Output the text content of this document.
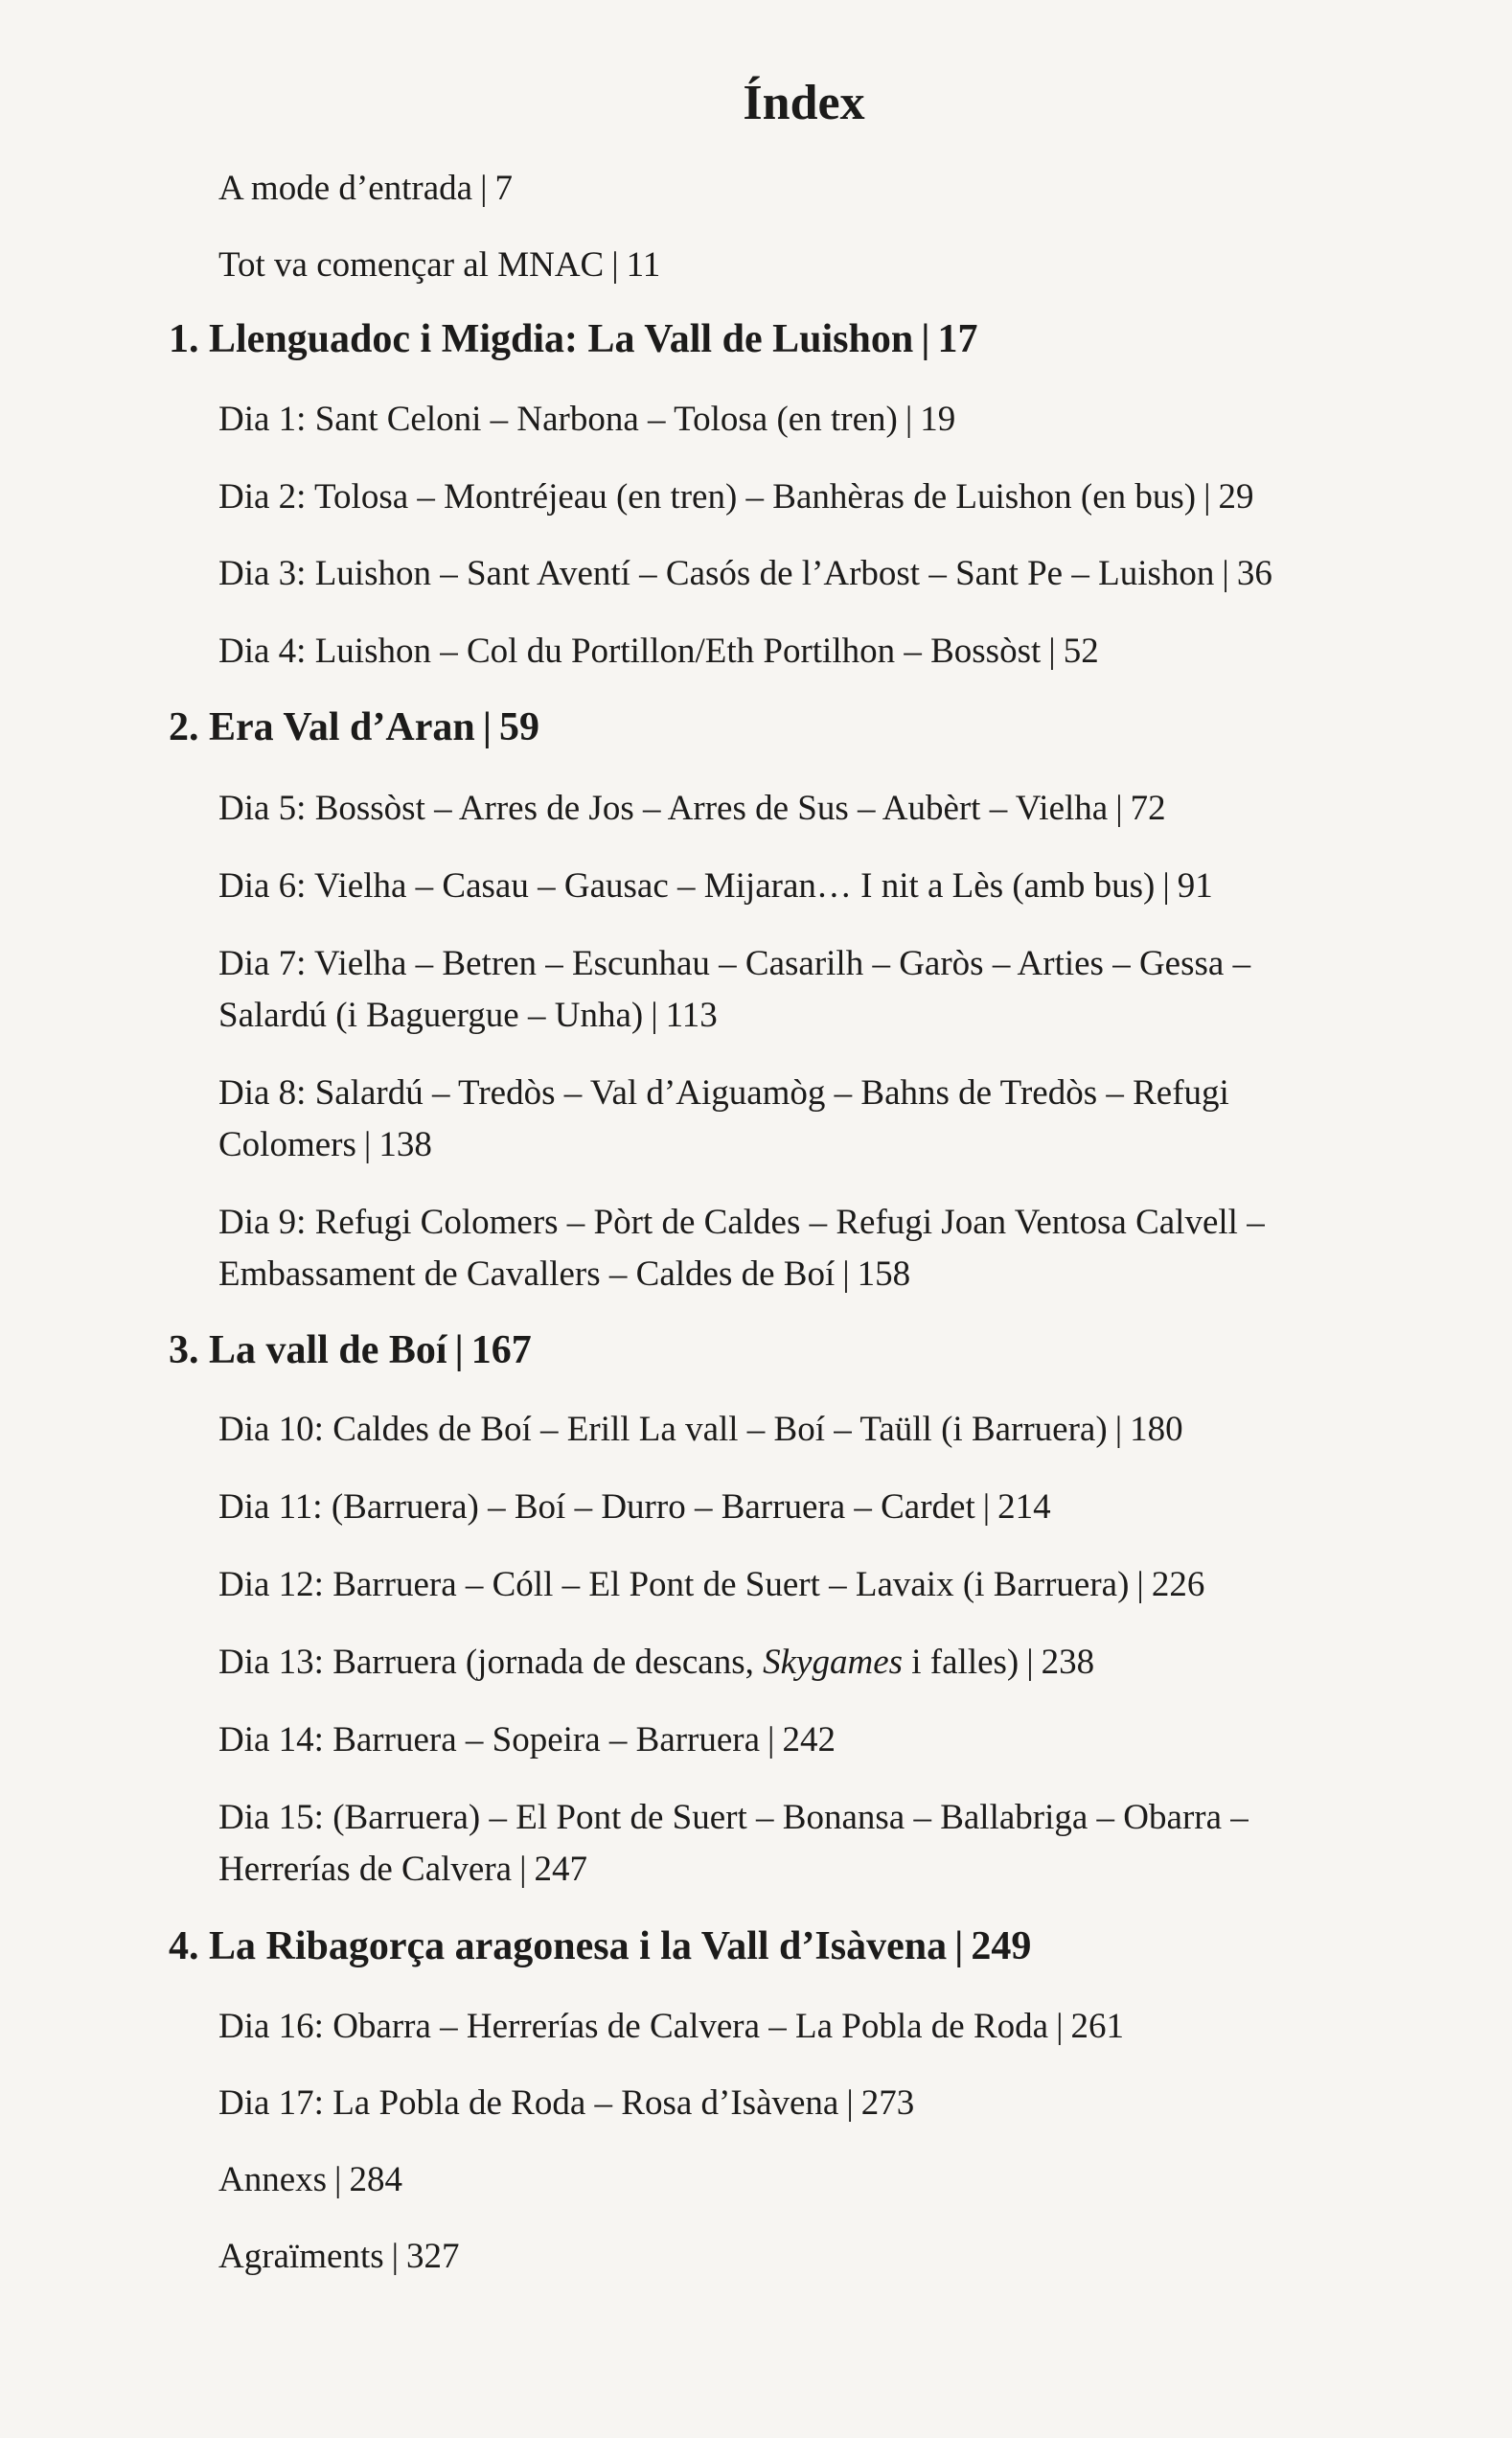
Índex
A mode d’entrada | 7
Tot va començar al MNAC | 11
1. Llenguadoc i Migdia: La Vall de Luishon | 17
Dia 1: Sant Celoni – Narbona – Tolosa (en tren) | 19
Dia 2: Tolosa – Montréjeau (en tren) – Banhèras de Luishon (en bus) | 29
Dia 3: Luishon – Sant Aventí – Casós de l’Arbost – Sant Pe – Luishon | 36
Dia 4: Luishon – Col du Portillon/Eth Portilhon – Bossòst | 52
2. Era Val d’Aran | 59
Dia 5: Bossòst – Arres de Jos – Arres de Sus – Aubèrt – Vielha | 72
Dia 6: Vielha – Casau – Gausac – Mijaran… I nit a Lès (amb bus) | 91
Dia 7: Vielha – Betren – Escunhau – Casarilh – Garòs – Arties – Gessa –
Salardú (i Baguergue – Unha) | 113
Dia 8: Salardú – Tredòs – Val d’Aiguamòg – Bahns de Tredòs – Refugi
Colomers | 138
Dia 9: Refugi Colomers – Pòrt de Caldes – Refugi Joan Ventosa Calvell –
Embassament de Cavallers – Caldes de Boí | 158
3. La vall de Boí | 167
Dia 10: Caldes de Boí – Erill La vall – Boí – Taüll (i Barruera) | 180
Dia 11: (Barruera) – Boí – Durro – Barruera – Cardet | 214
Dia 12: Barruera – Cóll – El Pont de Suert – Lavaix (i Barruera) | 226
Dia 13: Barruera (jornada de descans, Skygames i falles) | 238
Dia 14: Barruera – Sopeira – Barruera | 242
Dia 15: (Barruera) – El Pont de Suert – Bonansa – Ballabriga – Obarra –
Herrerías de Calvera | 247
4. La Ribagorça aragonesa i la Vall d’Isàvena | 249
Dia 16: Obarra – Herrerías de Calvera – La Pobla de Roda | 261
Dia 17: La Pobla de Roda – Rosa d’Isàvena | 273
Annexs | 284
Agraïments | 327
